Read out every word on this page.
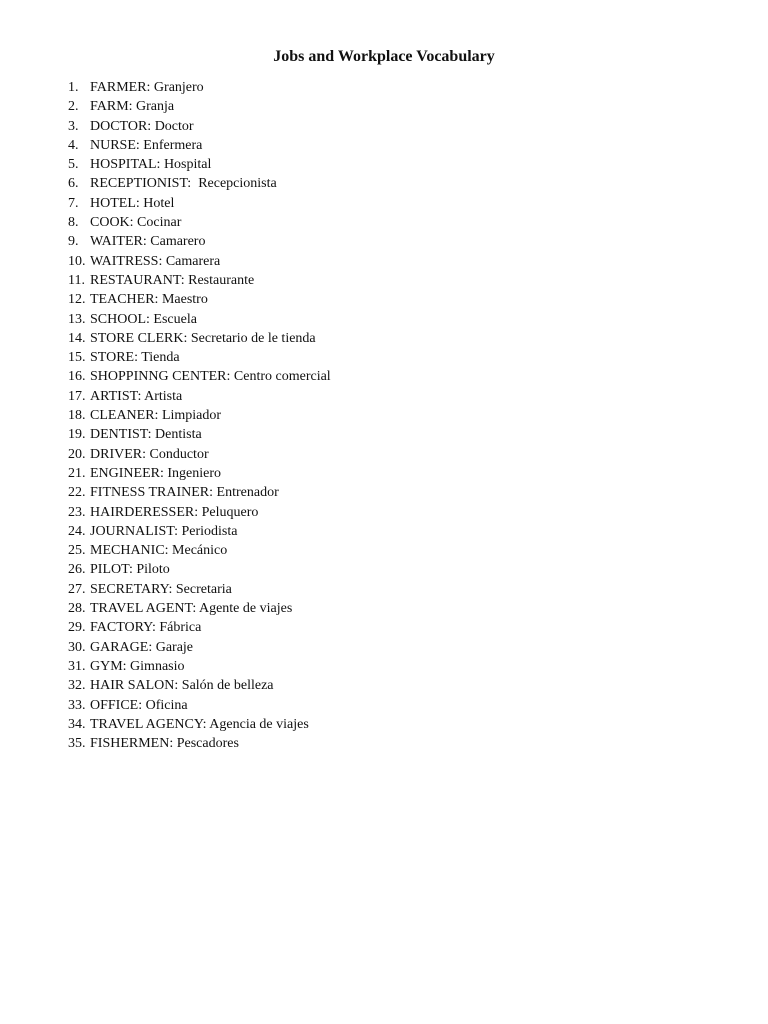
Jobs and Workplace Vocabulary
1. FARMER: Granjero
2. FARM: Granja
3. DOCTOR: Doctor
4. NURSE: Enfermera
5. HOSPITAL: Hospital
6. RECEPTIONIST:  Recepcionista
7. HOTEL: Hotel
8. COOK: Cocinar
9. WAITER: Camarero
10. WAITRESS: Camarera
11. RESTAURANT: Restaurante
12. TEACHER: Maestro
13. SCHOOL: Escuela
14. STORE CLERK: Secretario de le tienda
15. STORE: Tienda
16. SHOPPINNG CENTER: Centro comercial
17. ARTIST: Artista
18. CLEANER: Limpiador
19. DENTIST: Dentista
20. DRIVER: Conductor
21. ENGINEER: Ingeniero
22. FITNESS TRAINER: Entrenador
23. HAIRDERESSER: Peluquero
24. JOURNALIST: Periodista
25. MECHANIC: Mecánico
26. PILOT: Piloto
27. SECRETARY: Secretaria
28. TRAVEL AGENT: Agente de viajes
29. FACTORY: Fábrica
30. GARAGE: Garaje
31. GYM: Gimnasio
32. HAIR SALON: Salón de belleza
33. OFFICE: Oficina
34. TRAVEL AGENCY: Agencia de viajes
35. FISHERMEN: Pescadores
